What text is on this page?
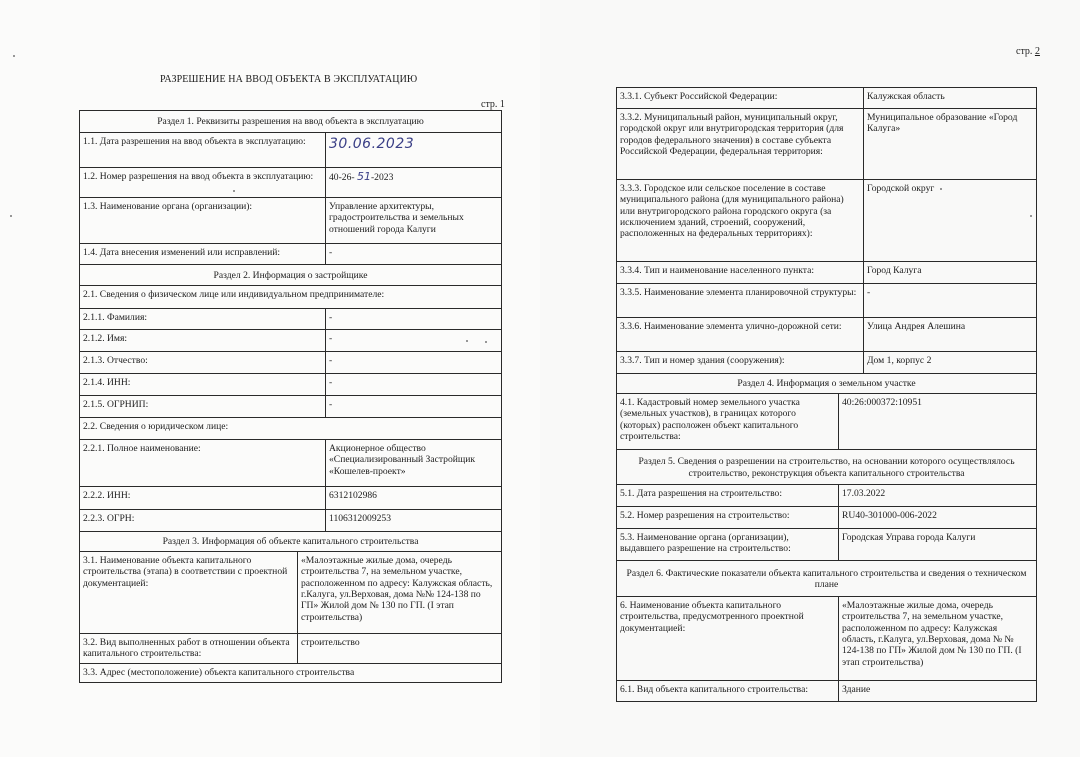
РАЗРЕШЕНИЕ НА ВВОД ОБЪЕКТА В ЭКСПЛУАТАЦИЮ
стр. 1
Раздел 1. Реквизиты разрешения на ввод объекта в эксплуатацию		
1.1. Дата разрешения на ввод объекта в эксплуатацию:		30.06.2023
1.2. Номер разрешения на ввод объекта в эксплуатацию:		40-26- 51-2023
1.3. Наименование органа (организации):		Управление архитектуры, градостроительства и земельных отношений города Калуги
1.4. Дата внесения изменений или исправлений:		-
Раздел 2. Информация о застройщике		
2.1. Сведения о физическом лице или индивидуальном предпринимателе:		
2.1.1. Фамилия:		-
2.1.2. Имя:		-
2.1.3. Отчество:		-
2.1.4. ИНН:		-
2.1.5. ОГРНИП:		-
2.2. Сведения о юридическом лице:		
2.2.1. Полное наименование:		Акционерное общество «Специализированный Застройщик «Кошелев-проект»
2.2.2. ИНН:		6312102986
2.2.3. ОГРН:		1106312009253
Раздел 3. Информация об объекте капитального строительства		
3.1. Наименование объекта капитального строительства (этапа) в соответствии с проектной документацией:	«Малоэтажные жилые дома, очередь строительства 7, на земельном участке, расположенном по адресу: Калужская область, г.Калуга, ул.Верховая, дома №№ 124-138 по ГП» Жилой дом № 130 по ГП. (I этап строительства)	
3.2. Вид выполненных работ в отношении объекта капитального строительства:	строительство	
3.3. Адрес (местоположение) объекта капитального строительства		
стр. 2
3.3.1. Субъект Российской Федерации:		Калужская область
3.3.2. Муниципальный район, муниципальный округ, городской округ или внутригородская территория (для городов федерального значения) в составе субъекта Российской Федерации, федеральная территория:		Муниципальное образование «Город Калуга»
3.3.3. Городское или сельское поселение в составе муниципального района (для муниципального района) или внутригородского района городского округа (за исключением зданий, строений, сооружений, расположенных на федеральных территориях):		Городской округ
3.3.4. Тип и наименование населенного пункта:		Город Калуга
3.3.5. Наименование элемента планировочной структуры:		-
3.3.6. Наименование элемента улично-дорожной сети:		Улица Андрея Алешина
3.3.7. Тип и номер здания (сооружения):		Дом 1, корпус 2
Раздел 4. Информация о земельном участке		
4.1. Кадастровый номер земельного участка (земельных участков), в границах которого (которых) расположен объект капитального строительства:	40:26:000372:10951	
Раздел 5. Сведения о разрешении на строительство, на основании которого осуществлялось строительство, реконструкция объекта капитального строительства		
5.1. Дата разрешения на строительство:	17.03.2022	
5.2. Номер разрешения на строительство:	RU40-301000-006-2022	
5.3. Наименование органа (организации), выдавшего разрешение на строительство:	Городская Управа города Калуги	
Раздел 6. Фактические показатели объекта капитального строительства и сведения о техническом плане		
6. Наименование объекта капитального строительства, предусмотренного проектной документацией:	«Малоэтажные жилые дома, очередь строительства 7, на земельном участке, расположенном по адресу: Калужская область, г.Калуга, ул.Верховая, дома № № 124-138 по ГП» Жилой дом № 130 по ГП. (I этап строительства)	
6.1. Вид объекта капитального строительства:	Здание	
